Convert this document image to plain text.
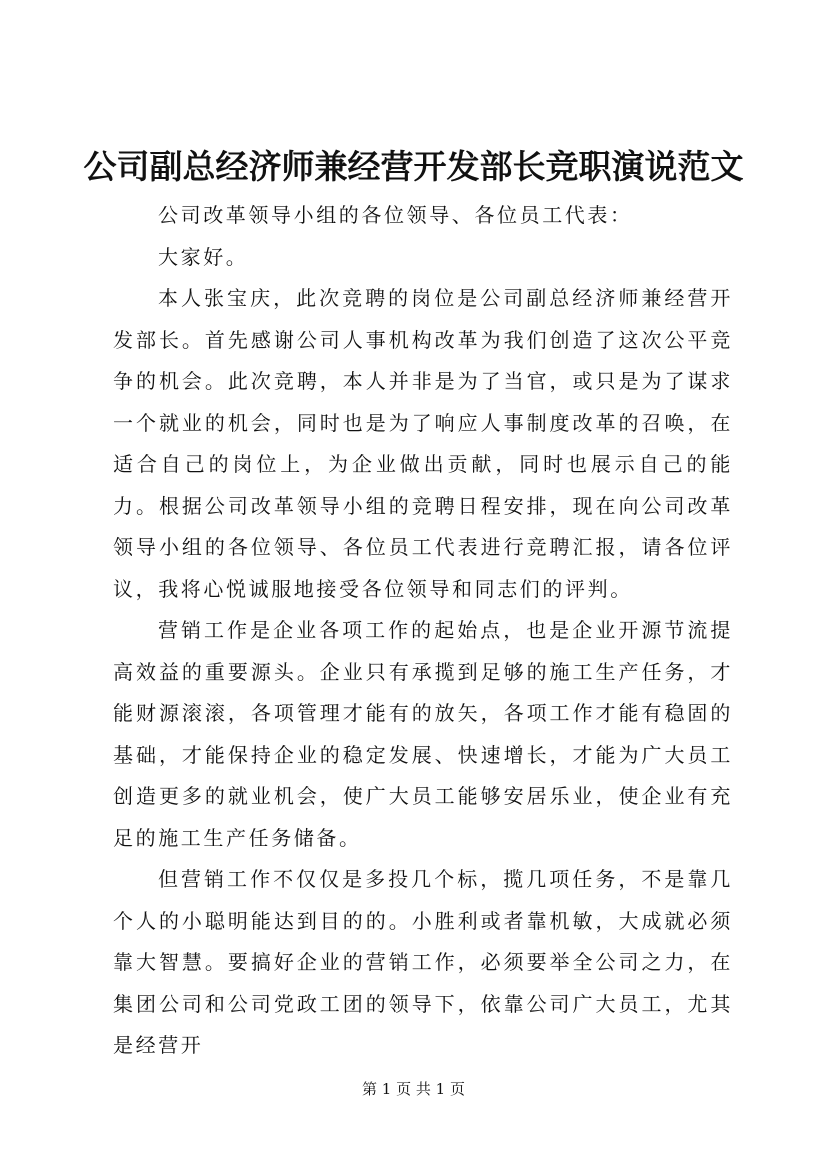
公司副总经济师兼经营开发部长竞职演说范文

公司改革领导小组的各位领导、各位员工代表：

大家好。

本人张宝庆，此次竞聘的岗位是公司副总经济师兼经营开发部长。首先感谢公司人事机构改革为我们创造了这次公平竞争的机会。此次竞聘，本人并非是为了当官，或只是为了谋求一个就业的机会，同时也是为了响应人事制度改革的召唤，在适合自己的岗位上，为企业做出贡献，同时也展示自己的能力。根据公司改革领导小组的竞聘日程安排，现在向公司改革领导小组的各位领导、各位员工代表进行竞聘汇报，请各位评议，我将心悦诚服地接受各位领导和同志们的评判。

营销工作是企业各项工作的起始点，也是企业开源节流提高效益的重要源头。企业只有承揽到足够的施工生产任务，才能财源滚滚，各项管理才能有的放矢，各项工作才能有稳固的基础，才能保持企业的稳定发展、快速增长，才能为广大员工创造更多的就业机会，使广大员工能够安居乐业，使企业有充足的施工生产任务储备。

但营销工作不仅仅是多投几个标，揽几项任务，不是靠几个人的小聪明能达到目的的。小胜利或者靠机敏，大成就必须靠大智慧。要搞好企业的营销工作，必须要举全公司之力，在集团公司和公司党政工团的领导下，依靠公司广大员工，尤其是经营开

第 1 页 共 1 页
